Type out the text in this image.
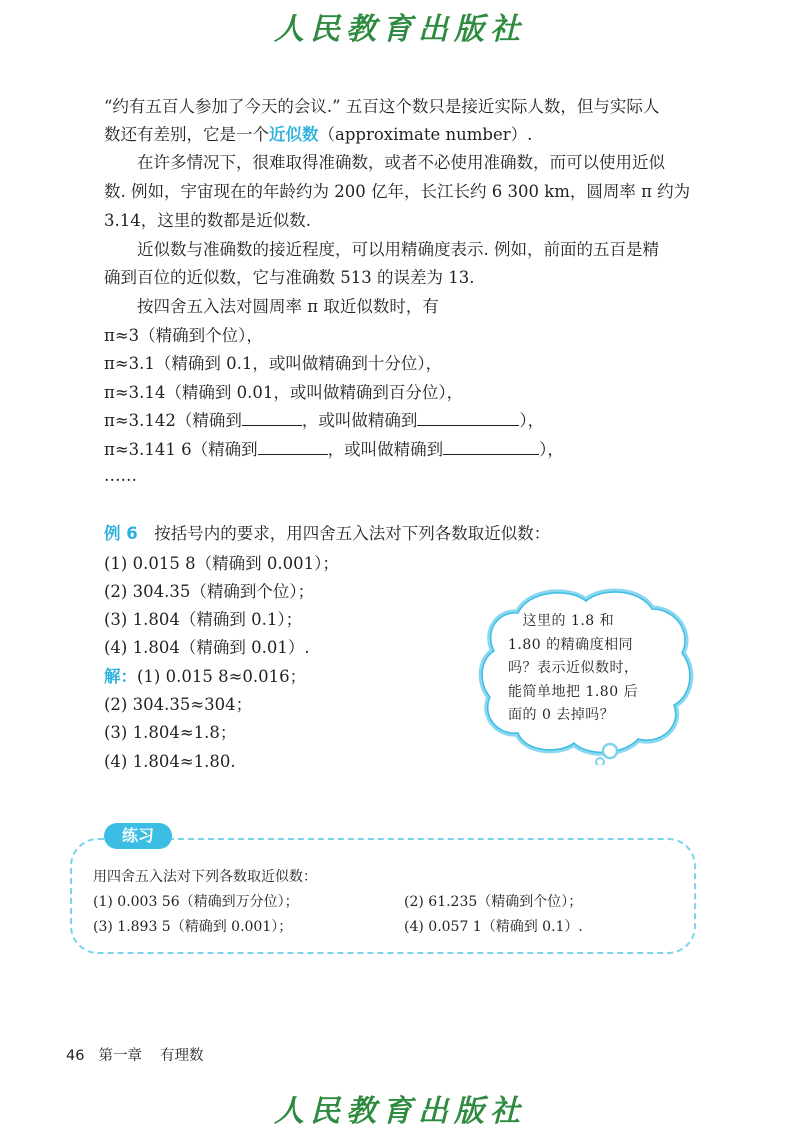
人民教育出版社
“约有五百人参加了今天的会议.” 五百这个数只是接近实际人数，但与实际人
数还有差别，它是一个近似数（approximate number）.
　　在许多情况下，很难取得准确数，或者不必使用准确数，而可以使用近似
数. 例如，宇宙现在的年龄约为 200 亿年，长江长约 6 300 km，圆周率 π 约为
3.14，这里的数都是近似数.
　　近似数与准确数的接近程度，可以用精确度表示. 例如，前面的五百是精
确到百位的近似数，它与准确数 513 的误差为 13.
　　按四舍五入法对圆周率 π 取近似数时，有
π≈3（精确到个位），
π≈3.1（精确到 0.1，或叫做精确到十分位），
π≈3.14（精确到 0.01，或叫做精确到百分位），
π≈3.142（精确到	，或叫做精确到	），
π≈3.141 6（精确到	，或叫做精确到	），
……
例 6　 按括号内的要求，用四舍五入法对下列各数取近似数：
(1) 0.015 8（精确到 0.001）；
(2) 304.35（精确到个位）；
(3) 1.804（精确到 0.1）；
(4) 1.804（精确到 0.01）.
解：(1) 0.015 8≈0.016；
(2) 304.35≈304；
(3) 1.804≈1.8；
(4) 1.804≈1.80.
　这里的 1.8 和
1.80 的精确度相同
吗？表示近似数时，
能简单地把 1.80 后
面的 0 去掉吗？
练习
用四舍五入法对下列各数取近似数：
(1) 0.003 56（精确到万分位）；	(2) 61.235（精确到个位）；
(3) 1.893 5（精确到 0.001）；	(4) 0.057 1（精确到 0.1）.
46 第一章 有理数
人民教育出版社
